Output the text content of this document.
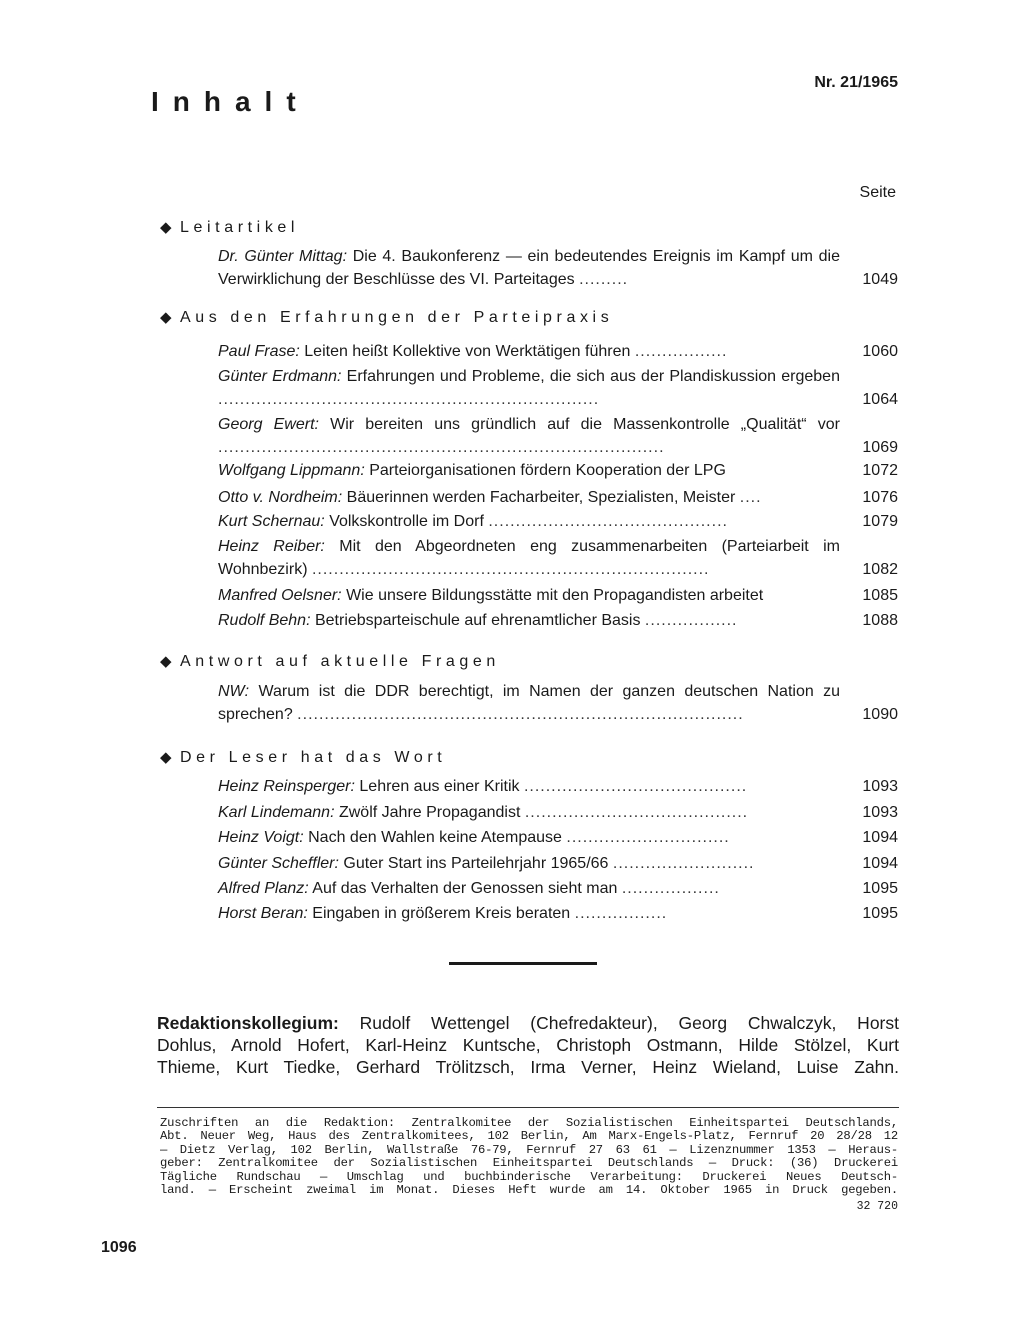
Nr. 21/1965
Inhalt
Seite
◆ Leitartikel
Dr. Günter Mittag: Die 4. Baukonferenz — ein bedeutendes Ereignis im Kampf um die Verwirklichung der Beschlüsse des VI. Parteitages .........	1049
◆ Aus den Erfahrungen der Parteipraxis
Paul Frase: Leiten heißt Kollektive von Werktätigen führen .................	1060
Günter Erdmann: Erfahrungen und Probleme, die sich aus der Plandiskussion ergeben ......................................................................	1064
Georg Ewert: Wir bereiten uns gründlich auf die Massenkontrolle „Qualität“ vor ..................................................................................	1069
Wolfgang Lippmann: Parteiorganisationen fördern Kooperation der LPG	1072
Otto v. Nordheim: Bäuerinnen werden Facharbeiter, Spezialisten, Meister ....	1076
Kurt Schernau: Volkskontrolle im Dorf ............................................	1079
Heinz Reiber: Mit den Abgeordneten eng zusammenarbeiten (Parteiarbeit im Wohnbezirk) .........................................................................	1082
Manfred Oelsner: Wie unsere Bildungsstätte mit den Propagandisten arbeitet	1085
Rudolf Behn: Betriebsparteischule auf ehrenamtlicher Basis .................	1088
◆ Antwort auf aktuelle Fragen
NW: Warum ist die DDR berechtigt, im Namen der ganzen deutschen Nation zu sprechen? ..................................................................................	1090
◆ Der Leser hat das Wort
Heinz Reinsperger: Lehren aus einer Kritik .........................................	1093
Karl Lindemann: Zwölf Jahre Propagandist .........................................	1093
Heinz Voigt: Nach den Wahlen keine Atempause ..............................	1094
Günter Scheffler: Guter Start ins Parteilehrjahr 1965/66 ..........................	1094
Alfred Planz: Auf das Verhalten der Genossen sieht man ..................	1095
Horst Beran: Eingaben in größerem Kreis beraten .................	1095
Redaktionskollegium: Rudolf Wettengel (Chefredakteur), Georg Chwalczyk, Horst
Dohlus, Arnold Hofert, Karl-Heinz Kuntsche, Christoph Ostmann, Hilde Stölzel, Kurt
Thieme, Kurt Tiedke, Gerhard Trölitzsch, Irma Verner, Heinz Wieland, Luise Zahn.
Zuschriften an die Redaktion: Zentralkomitee der Sozialistischen Einheitspartei Deutschlands,
Abt. Neuer Weg, Haus des Zentralkomitees, 102 Berlin, Am Marx-Engels-Platz, Fernruf 20 28/28 12
— Dietz Verlag, 102 Berlin, Wallstraße 76-79, Fernruf 27 63 61 — Lizenznummer 1353 — Heraus-
geber: Zentralkomitee der Sozialistischen Einheitspartei Deutschlands — Druck: (36) Druckerei
Tägliche Rundschau — Umschlag und buchbinderische Verarbeitung: Druckerei Neues Deutsch-
land. — Erscheint zweimal im Monat. Dieses Heft wurde am 14. Oktober 1965 in Druck gegeben.
32 720
1096
